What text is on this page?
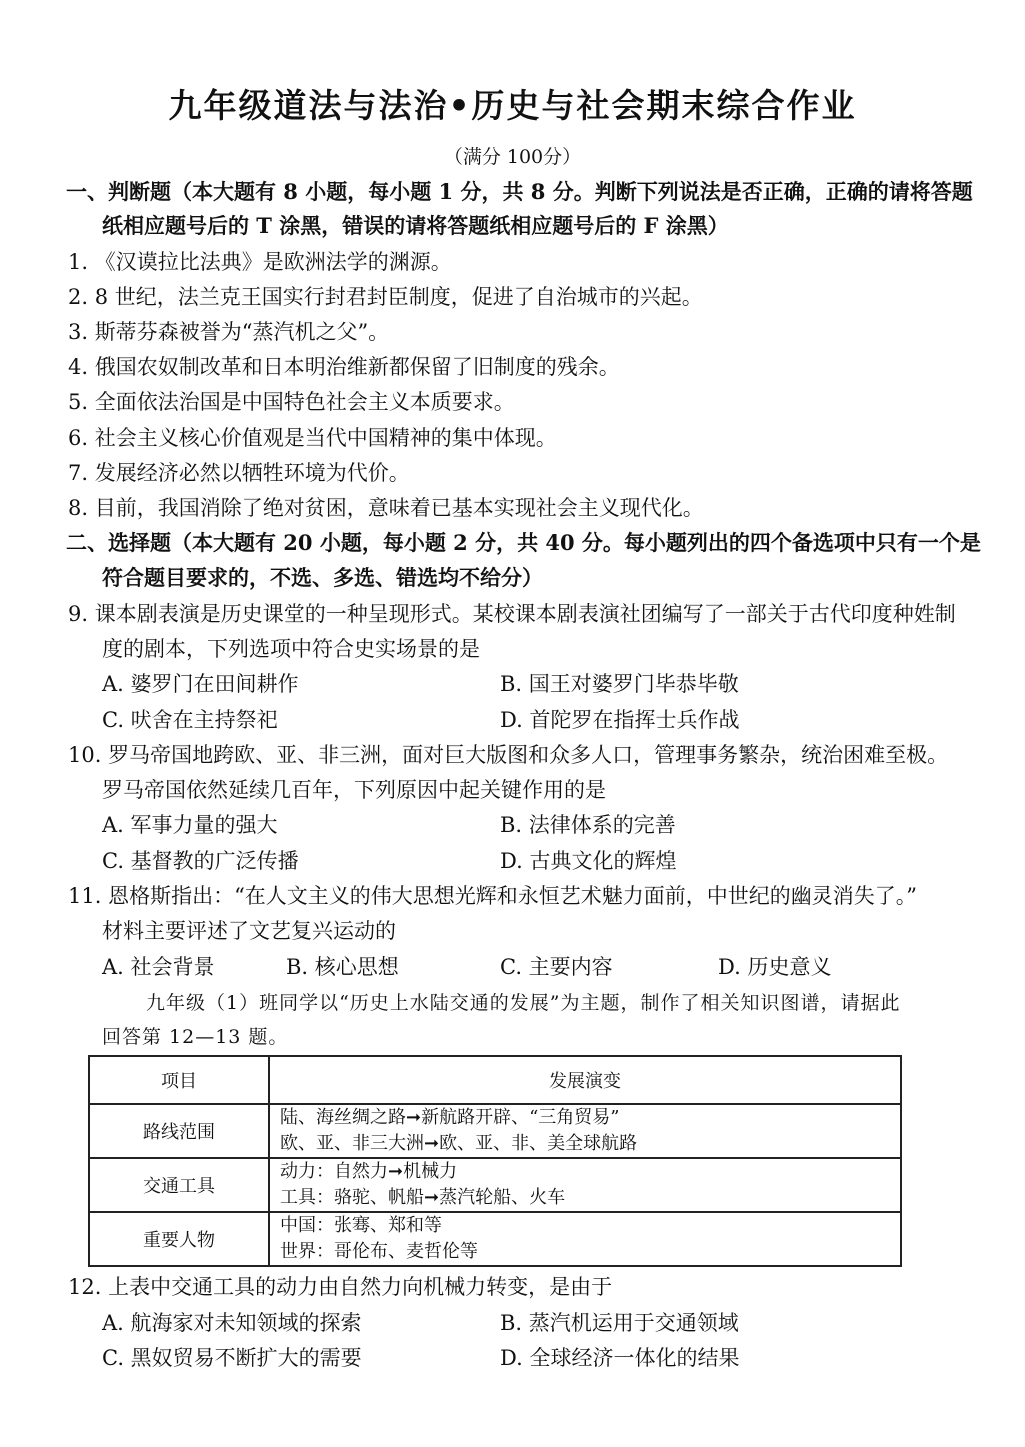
九年级道法与法治•历史与社会期末综合作业
（满分 100分）
一、判断题（本大题有 8 小题，每小题 1 分，共 8 分。判断下列说法是否正确，正确的请将答题
纸相应题号后的 T 涂黑，错误的请将答题纸相应题号后的 F 涂黑）
1. 《汉谟拉比法典》是欧洲法学的渊源。
2. 8 世纪，法兰克王国实行封君封臣制度，促进了自治城市的兴起。
3. 斯蒂芬森被誉为“蒸汽机之父”。
4. 俄国农奴制改革和日本明治维新都保留了旧制度的残余。
5. 全面依法治国是中国特色社会主义本质要求。
6. 社会主义核心价值观是当代中国精神的集中体现。
7. 发展经济必然以牺牲环境为代价。
8. 目前，我国消除了绝对贫困，意味着已基本实现社会主义现代化。
二、选择题（本大题有 20 小题，每小题 2 分，共 40 分。每小题列出的四个备选项中只有一个是
符合题目要求的，不选、多选、错选均不给分）
9. 课本剧表演是历史课堂的一种呈现形式。某校课本剧表演社团编写了一部关于古代印度种姓制
度的剧本，下列选项中符合史实场景的是
A. 婆罗门在田间耕作	B. 国王对婆罗门毕恭毕敬
C. 吠舍在主持祭祀	D. 首陀罗在指挥士兵作战
10. 罗马帝国地跨欧、亚、非三洲，面对巨大版图和众多人口，管理事务繁杂，统治困难至极。
罗马帝国依然延续几百年，下列原因中起关键作用的是
A. 军事力量的强大	B. 法律体系的完善
C. 基督教的广泛传播	D. 古典文化的辉煌
11. 恩格斯指出：“在人文主义的伟大思想光辉和永恒艺术魅力面前，中世纪的幽灵消失了。”
材料主要评述了文艺复兴运动的
A. 社会背景	B. 核心思想	C. 主要内容	D. 历史意义
九年级（1）班同学以“历史上水陆交通的发展”为主题，制作了相关知识图谱，请据此
回答第 12—13 题。
项目	发展演变
路线范围	陆、海丝绸之路➞新航路开辟、“三角贸易”
欧、亚、非三大洲➞欧、亚、非、美全球航路

交通工具	动力：自然力➞机械力
工具：骆驼、帆船➞蒸汽轮船、火车

重要人物	中国：张骞、郑和等
世界：哥伦布、麦哲伦等
12. 上表中交通工具的动力由自然力向机械力转变，是由于
A. 航海家对未知领域的探索	B. 蒸汽机运用于交通领域
C. 黑奴贸易不断扩大的需要	D. 全球经济一体化的结果
